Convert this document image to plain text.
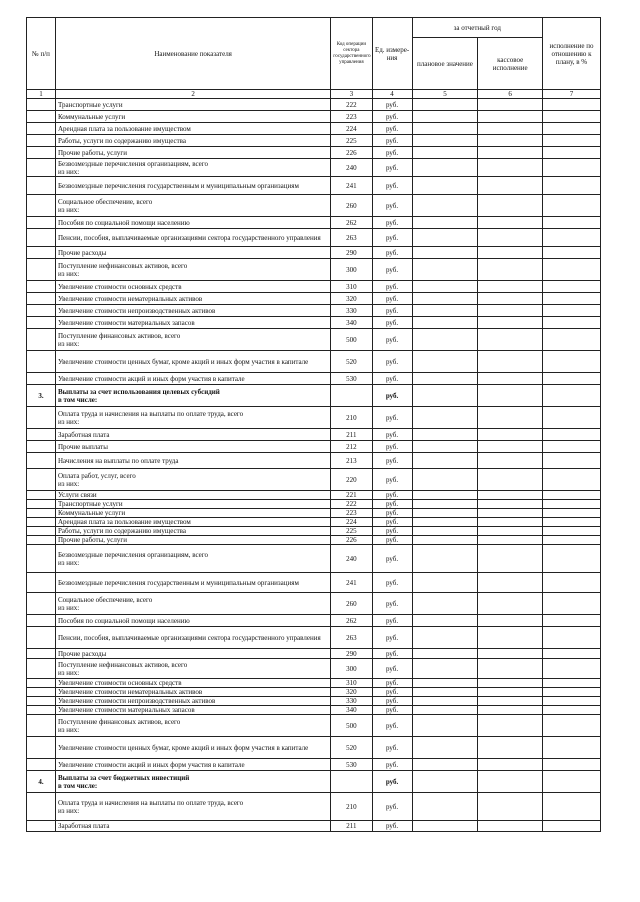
№ п/п	Наименование показателя	Код операции сектора государственного управления	Ед. измере-ния	за отчетный год		исполнение по отношению к плану, в %
				плановое значение	кассовое исполнение	
1	2	3	4	5	6	7
	Транспортные услуги	222	руб.			
	Коммунальные услуги	223	руб.			
	Арендная плата за пользование имуществом	224	руб.			
	Работы, услуги по содержанию имущества	225	руб.			
	Прочие работы, услуги	226	руб.			
	Безвозмездные перечисления организациям, всего
из них:	240	руб.			
	Безвозмездные перечисления государственным и муниципальным организациям	241	руб.			
	Социальное обеспечение, всего
из них:	260	руб.			
	Пособия по социальной помощи населению	262	руб.			
	Пенсии, пособия, выплачиваемые организациями сектора государственного управления	263	руб.			
	Прочие расходы	290	руб.			
	Поступление нефинансовых активов, всего
из них:	300	руб.			
	Увеличение стоимости основных средств	310	руб.			
	Увеличение стоимости нематериальных активов	320	руб.			
	Увеличение стоимости непроизводственных активов	330	руб.			
	Увеличение стоимости материальных запасов	340	руб.			
	Поступление финансовых активов, всего
из них:	500	руб.			
	Увеличение стоимости ценных бумаг, кроме акций и иных форм участия в капитале	520	руб.			
	Увеличение стоимости акций и иных форм участия в капитале	530	руб.			
3.	Выплаты за счет использования целевых субсидий
в том числе:		руб.			
	Оплата труда и начисления на выплаты по оплате труда, всего
из них:	210	руб.			
	Заработная плата	211	руб.			
	Прочие выплаты	212	руб.			
	Начисления на выплаты по оплате труда	213	руб.			
	Оплата работ, услуг, всего
из них:	220	руб.			
	Услуги связи	221	руб.			
	Транспортные услуги	222	руб.			
	Коммунальные услуги	223	руб.			
	Арендная плата за пользование имуществом	224	руб.			
	Работы, услуги по содержанию имущества	225	руб.			
	Прочие работы, услуги	226	руб.			
	Безвозмездные перечисления организациям, всего
из них:	240	руб.			
	Безвозмездные перечисления государственным и муниципальным организациям	241	руб.			
	Социальное обеспечение, всего
из них:	260	руб.			
	Пособия по социальной помощи населению	262	руб.			
	Пенсии, пособия, выплачиваемые организациями сектора государственного управления	263	руб.			
	Прочие расходы	290	руб.			
	Поступление нефинансовых активов, всего
из них:	300	руб.			
	Увеличение стоимости основных средств	310	руб.			
	Увеличение стоимости нематериальных активов	320	руб.			
	Увеличение стоимости непроизводственных активов	330	руб.			
	Увеличение стоимости материальных запасов	340	руб.			
	Поступление финансовых активов, всего
из них:	500	руб.			
	Увеличение стоимости ценных бумаг, кроме акций и иных форм участия в капитале	520	руб.			
	Увеличение стоимости акций и иных форм участия в капитале	530	руб.			
4.	Выплаты за счет бюджетных инвестиций
в том числе:		руб.			
	Оплата труда и начисления на выплаты по оплате труда, всего
из них:	210	руб.			
	Заработная плата	211	руб.			
